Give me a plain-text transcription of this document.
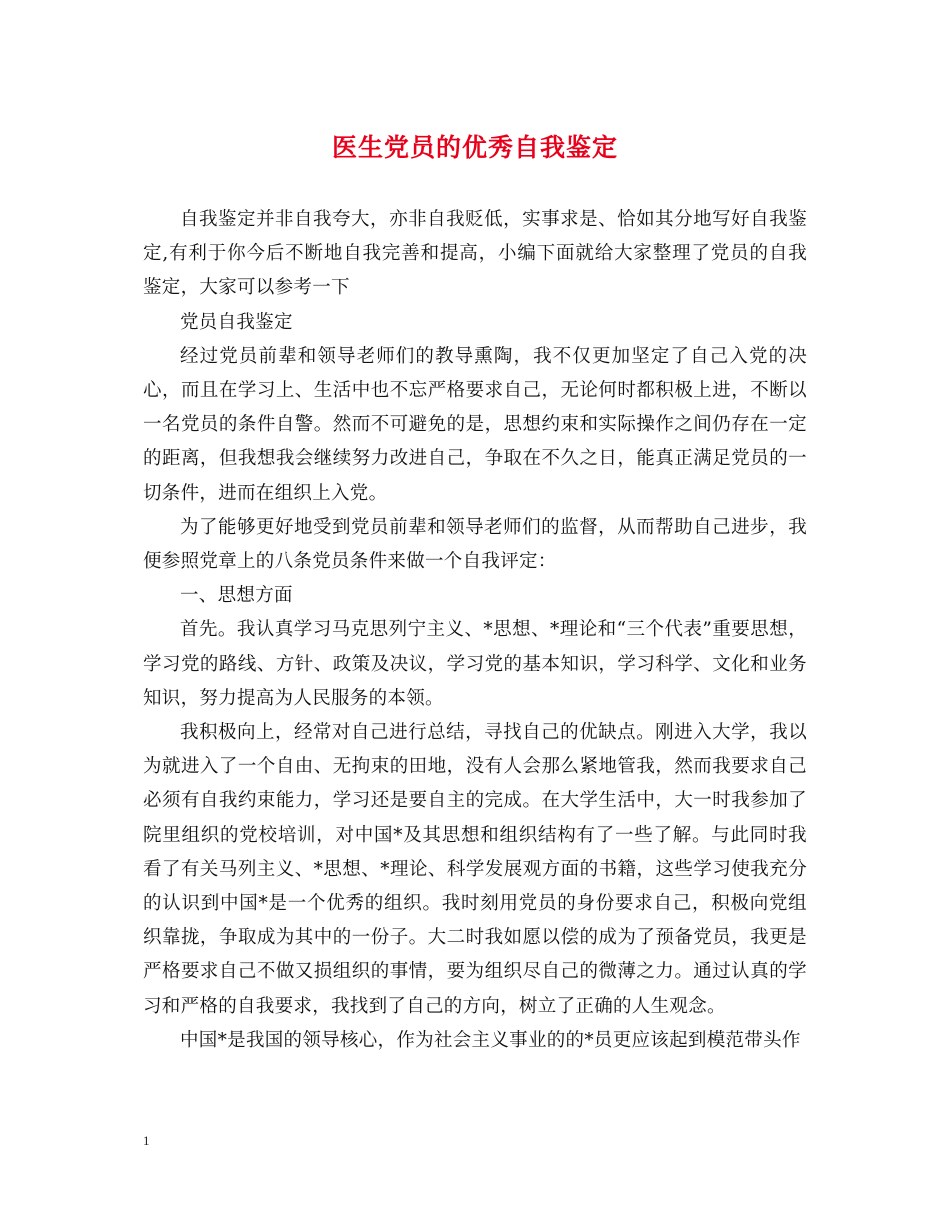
医生党员的优秀自我鉴定

自我鉴定并非自我夸大，亦非自我贬低，实事求是、恰如其分地写好自我鉴定,有利于你今后不断地自我完善和提高，小编下面就给大家整理了党员的自我鉴定，大家可以参考一下

党员自我鉴定

经过党员前辈和领导老师们的教导熏陶，我不仅更加坚定了自己入党的决心，而且在学习上、生活中也不忘严格要求自己，无论何时都积极上进，不断以一名党员的条件自警。然而不可避免的是，思想约束和实际操作之间仍存在一定的距离，但我想我会继续努力改进自己，争取在不久之日，能真正满足党员的一切条件，进而在组织上入党。

为了能够更好地受到党员前辈和领导老师们的监督，从而帮助自己进步，我便参照党章上的八条党员条件来做一个自我评定：

一、思想方面

首先。我认真学习马克思列宁主义、*思想、*理论和“三个代表”重要思想，学习党的路线、方针、政策及决议，学习党的基本知识，学习科学、文化和业务知识，努力提高为人民服务的本领。

我积极向上，经常对自己进行总结，寻找自己的优缺点。刚进入大学，我以为就进入了一个自由、无拘束的田地，没有人会那么紧地管我，然而我要求自己必须有自我约束能力，学习还是要自主的完成。在大学生活中，大一时我参加了院里组织的党校培训，对中国*及其思想和组织结构有了一些了解。与此同时我看了有关马列主义、*思想、*理论、科学发展观方面的书籍，这些学习使我充分的认识到中国*是一个优秀的组织。我时刻用党员的身份要求自己，积极向党组织靠拢，争取成为其中的一份子。大二时我如愿以偿的成为了预备党员，我更是严格要求自己不做又损组织的事情，要为组织尽自己的微薄之力。通过认真的学习和严格的自我要求，我找到了自己的方向，树立了正确的人生观念。

中国*是我国的领导核心，作为社会主义事业的的*员更应该起到模范带头作

1
